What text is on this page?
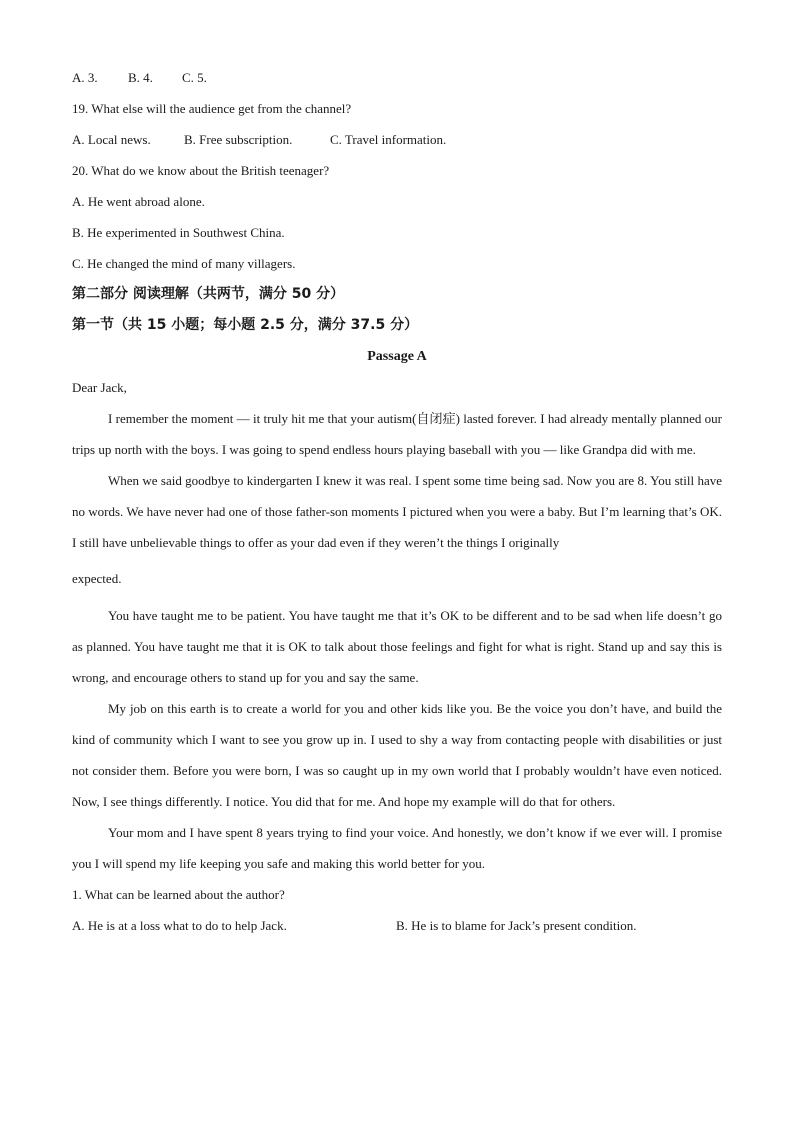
A. 3. B. 4. C. 5.
19. What else will the audience get from the channel?
A. Local news.	B. Free subscription.	C. Travel information.
20. What do we know about the British teenager?
A. He went abroad alone.
B. He experimented in Southwest China.
C. He changed the mind of many villagers.
第二部分 阅读理解（共两节，满分 50 分）
第一节（共 15 小题；每小题 2.5 分，满分 37.5 分）
Passage A
Dear Jack,

I remember the moment — it truly hit me that your autism(自闭症) lasted forever. I had already mentally planned our trips up north with the boys. I was going to spend endless hours playing baseball with you — like Grandpa did with me.

When we said goodbye to kindergarten I knew it was real. I spent some time being sad. Now you are 8. You still have no words. We have never had one of those father-son moments I pictured when you were a baby. But I’m learning that’s OK. I still have unbelievable things to offer as your dad even if they weren’t the things I originally

expected.

You have taught me to be patient. You have taught me that it’s OK to be different and to be sad when life doesn’t go as planned. You have taught me that it is OK to talk about those feelings and fight for what is right. Stand up and say this is wrong, and encourage others to stand up for you and say the same.

My job on this earth is to create a world for you and other kids like you. Be the voice you don’t have, and build the kind of community which I want to see you grow up in. I used to shy a way from contacting people with disabilities or just not consider them. Before you were born, I was so caught up in my own world that I probably wouldn’t have even noticed. Now, I see things differently. I notice. You did that for me. And hope my example will do that for others.

Your mom and I have spent 8 years trying to find your voice. And honestly, we don’t know if we ever will. I promise you I will spend my life keeping you safe and making this world better for you.

1. What can be learned about the author?
A. He is at a loss what to do to help Jack.	B. He is to blame for Jack’s present condition.
